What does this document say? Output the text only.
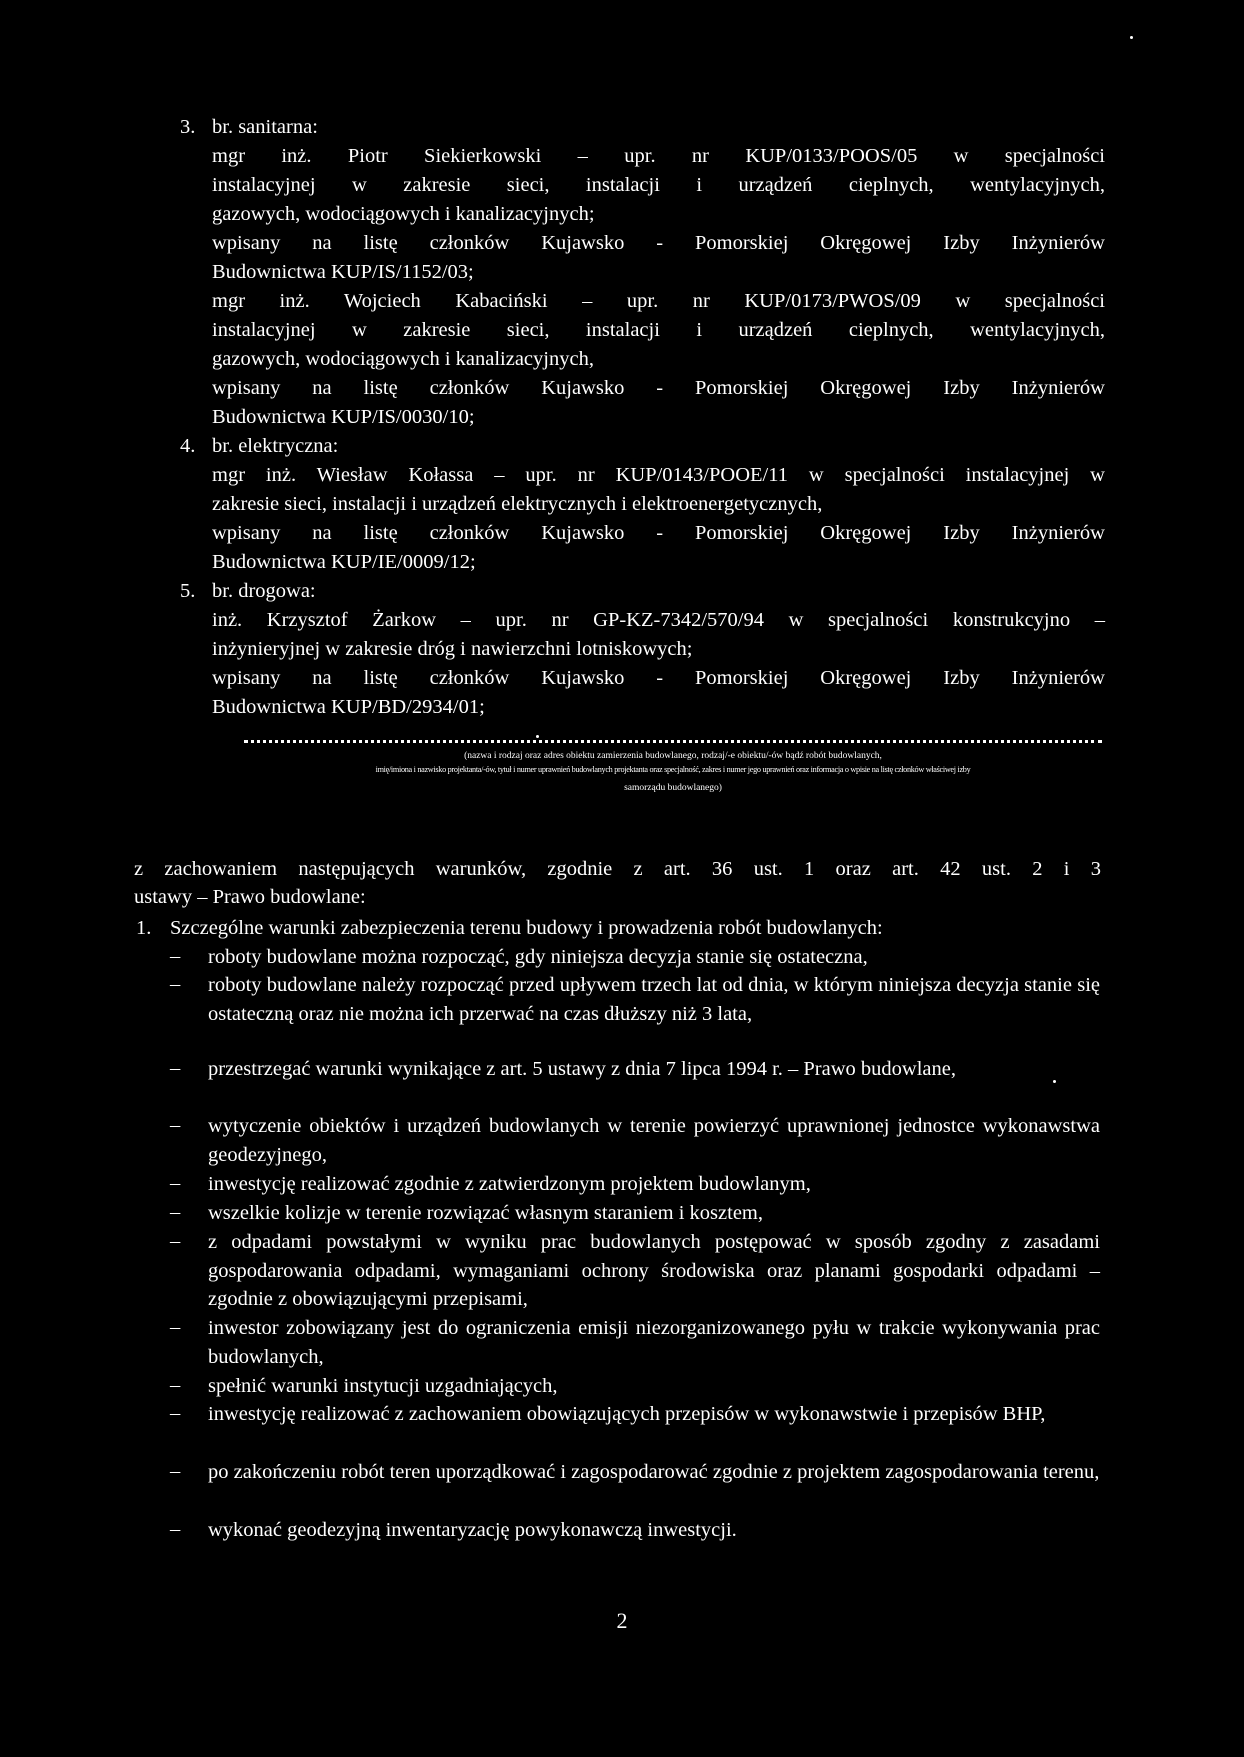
3. br. sanitarna:
mgr inż. Piotr Siekierkowski – upr. nr KUP/0133/POOS/05 w specjalności
instalacyjnej w zakresie sieci, instalacji i urządzeń cieplnych, wentylacyjnych,
gazowych, wodociągowych i kanalizacyjnych;
wpisany na listę członków Kujawsko - Pomorskiej Okręgowej Izby Inżynierów
Budownictwa KUP/IS/1152/03;
mgr inż. Wojciech Kabaciński – upr. nr KUP/0173/PWOS/09 w specjalności
instalacyjnej w zakresie sieci, instalacji i urządzeń cieplnych, wentylacyjnych,
gazowych, wodociągowych i kanalizacyjnych,
wpisany na listę członków Kujawsko - Pomorskiej Okręgowej Izby Inżynierów
Budownictwa KUP/IS/0030/10;
4. br. elektryczna:
mgr inż. Wiesław Kołassa – upr. nr KUP/0143/POOE/11 w specjalności instalacyjnej w
zakresie sieci, instalacji i urządzeń elektrycznych i elektroenergetycznych,
wpisany na listę członków Kujawsko - Pomorskiej Okręgowej Izby Inżynierów
Budownictwa KUP/IE/0009/12;
5. br. drogowa:
inż. Krzysztof Żarkow – upr. nr GP-KZ-7342/570/94 w specjalności konstrukcyjno –
inżynieryjnej w zakresie dróg i nawierzchni lotniskowych;
wpisany na listę członków Kujawsko - Pomorskiej Okręgowej Izby Inżynierów
Budownictwa KUP/BD/2934/01;
(nazwa i rodzaj oraz adres obiektu zamierzenia budowlanego, rodzaj/-e obiektu/-ów bądź robót budowlanych,
imię/imiona i nazwisko projektanta/-ów, tytuł i numer uprawnień budowlanych projektanta oraz specjalność, zakres i numer jego uprawnień oraz informacja o wpisie na listę członków właściwej izby
samorządu budowlanego)
z zachowaniem następujących warunków, zgodnie z art. 36 ust. 1 oraz art. 42 ust. 2 i 3
ustawy – Prawo budowlane:
1. Szczególne warunki zabezpieczenia terenu budowy i prowadzenia robót budowlanych:
– roboty budowlane można rozpocząć, gdy niniejsza decyzja stanie się ostateczna,

– roboty budowlane należy rozpocząć przed upływem trzech lat od dnia, w którym niniejsza decyzja stanie się ostateczną oraz nie można ich przerwać na czas dłuższy niż 3 lata,

– przestrzegać warunki wynikające z art. 5 ustawy z dnia 7 lipca 1994 r. – Prawo budowlane,

– wytyczenie obiektów i urządzeń budowlanych w terenie powierzyć uprawnionej jednostce wykonawstwa geodezyjnego,

– inwestycję realizować zgodnie z zatwierdzonym projektem budowlanym,

– wszelkie kolizje w terenie rozwiązać własnym staraniem i kosztem,

– z odpadami powstałymi w wyniku prac budowlanych postępować w sposób zgodny z zasadami gospodarowania odpadami, wymaganiami ochrony środowiska oraz planami gospodarki odpadami – zgodnie z obowiązującymi przepisami,

– inwestor zobowiązany jest do ograniczenia emisji niezorganizowanego pyłu w trakcie wykonywania prac budowlanych,

– spełnić warunki instytucji uzgadniających,

– inwestycję realizować z zachowaniem obowiązujących przepisów w wykonawstwie i przepisów BHP,

– po zakończeniu robót teren uporządkować i zagospodarować zgodnie z projektem zagospodarowania terenu,

– wykonać geodezyjną inwentaryzację powykonawczą inwestycji.

2
